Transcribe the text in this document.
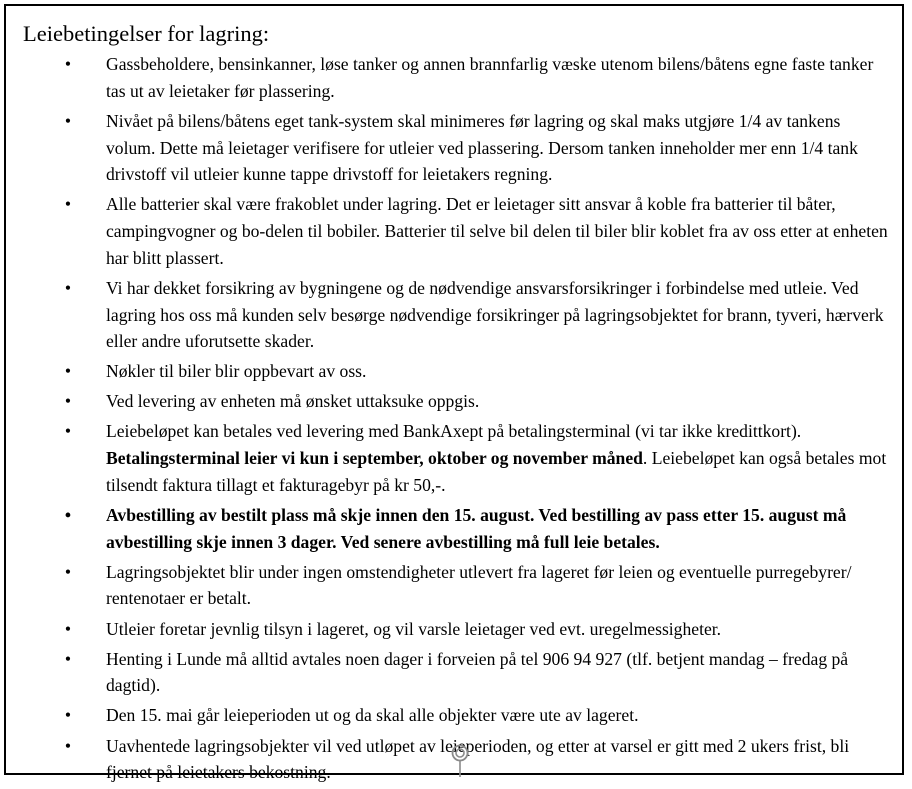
Leiebetingelser for lagring:
• Gassbeholdere, bensinkanner, løse tanker og annen brannfarlig væske utenom bilens/båtens egne faste tanker tas ut av leietaker før plassering.
• Nivået på bilens/båtens eget tank-system skal minimeres før lagring og skal maks utgjøre 1/4 av tankens volum. Dette må leietager verifisere for utleier ved plassering. Dersom tanken inneholder mer enn 1/4 tank drivstoff vil utleier kunne tappe drivstoff for leietakers regning.
• Alle batterier skal være frakoblet under lagring. Det er leietager sitt ansvar å koble fra batterier til båter, campingvogner og bo-delen til bobiler. Batterier til selve bil delen til biler blir koblet fra av oss etter at enheten har blitt plassert.
• Vi har dekket forsikring av bygningene og de nødvendige ansvarsforsikringer i forbindelse med utleie. Ved lagring hos oss må kunden selv besørge nødvendige forsikringer på lagringsobjektet for brann, tyveri, hærverk eller andre uforutsette skader.
• Nøkler til biler blir oppbevart av oss.
• Ved levering av enheten må ønsket uttaksuke oppgis.
• Leiebeløpet kan betales ved levering med BankAxept på betalingsterminal (vi tar ikke kredittkort). Betalingsterminal leier vi kun i september, oktober og november måned. Leiebeløpet kan også betales mot tilsendt faktura tillagt et fakturagebyr på kr 50,-.
• Avbestilling av bestilt plass må skje innen den 15. august. Ved bestilling av pass etter 15. august må avbestilling skje innen 3 dager. Ved senere avbestilling må full leie betales.
• Lagringsobjektet blir under ingen omstendigheter utlevert fra lageret før leien og eventuelle purregebyrer/ rentenotaer er betalt.
• Utleier foretar jevnlig tilsyn i lageret, og vil varsle leietager ved evt. uregelmessigheter.
• Henting i Lunde må alltid avtales noen dager i forveien på tel 906 94 927 (tlf. betjent mandag – fredag på dagtid).
• Den 15. mai går leieperioden ut og da skal alle objekter være ute av lageret.
• Uavhentede lagringsobjekter vil ved utløpet av leieperioden, og etter at varsel er gitt med 2 ukers frist, bli fjernet på leietakers bekostning.
